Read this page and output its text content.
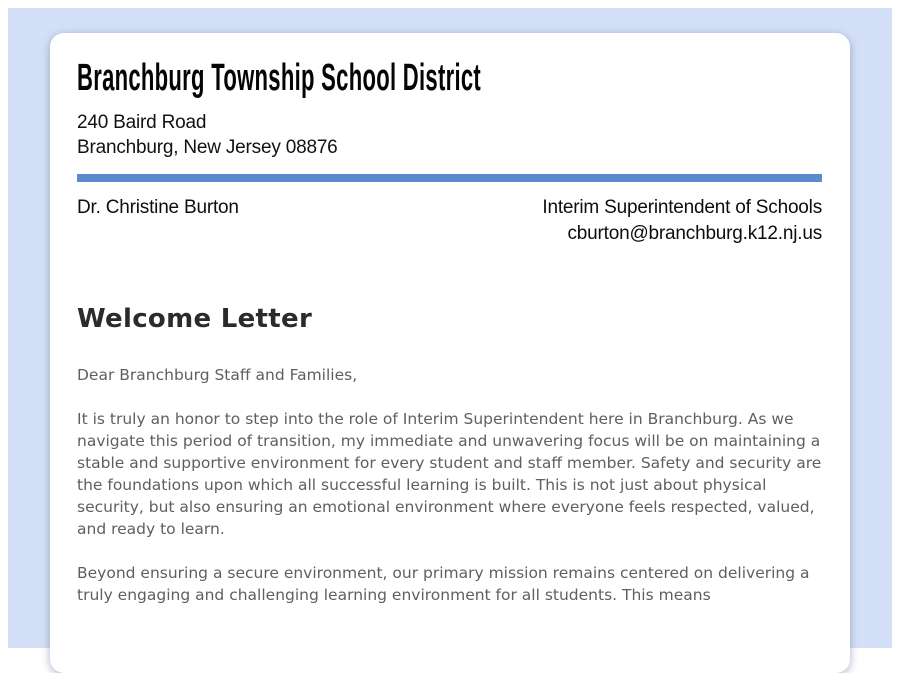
Branchburg Township School District
240 Baird Road
Branchburg, New Jersey 08876
Dr. Christine Burton	Interim Superintendent of Schools
cburton@branchburg.k12.nj.us
Welcome Letter
Dear Branchburg Staff and Families,

It is truly an honor to step into the role of Interim Superintendent here in Branchburg. As we navigate this period of transition, my immediate and unwavering focus will be on maintaining a stable and supportive environment for every student and staff member. Safety and security are the foundations upon which all successful learning is built. This is not just about physical security, but also ensuring an emotional environment where everyone feels respected, valued, and ready to learn.

Beyond ensuring a secure environment, our primary mission remains centered on delivering a truly engaging and challenging learning environment for all students. This means
